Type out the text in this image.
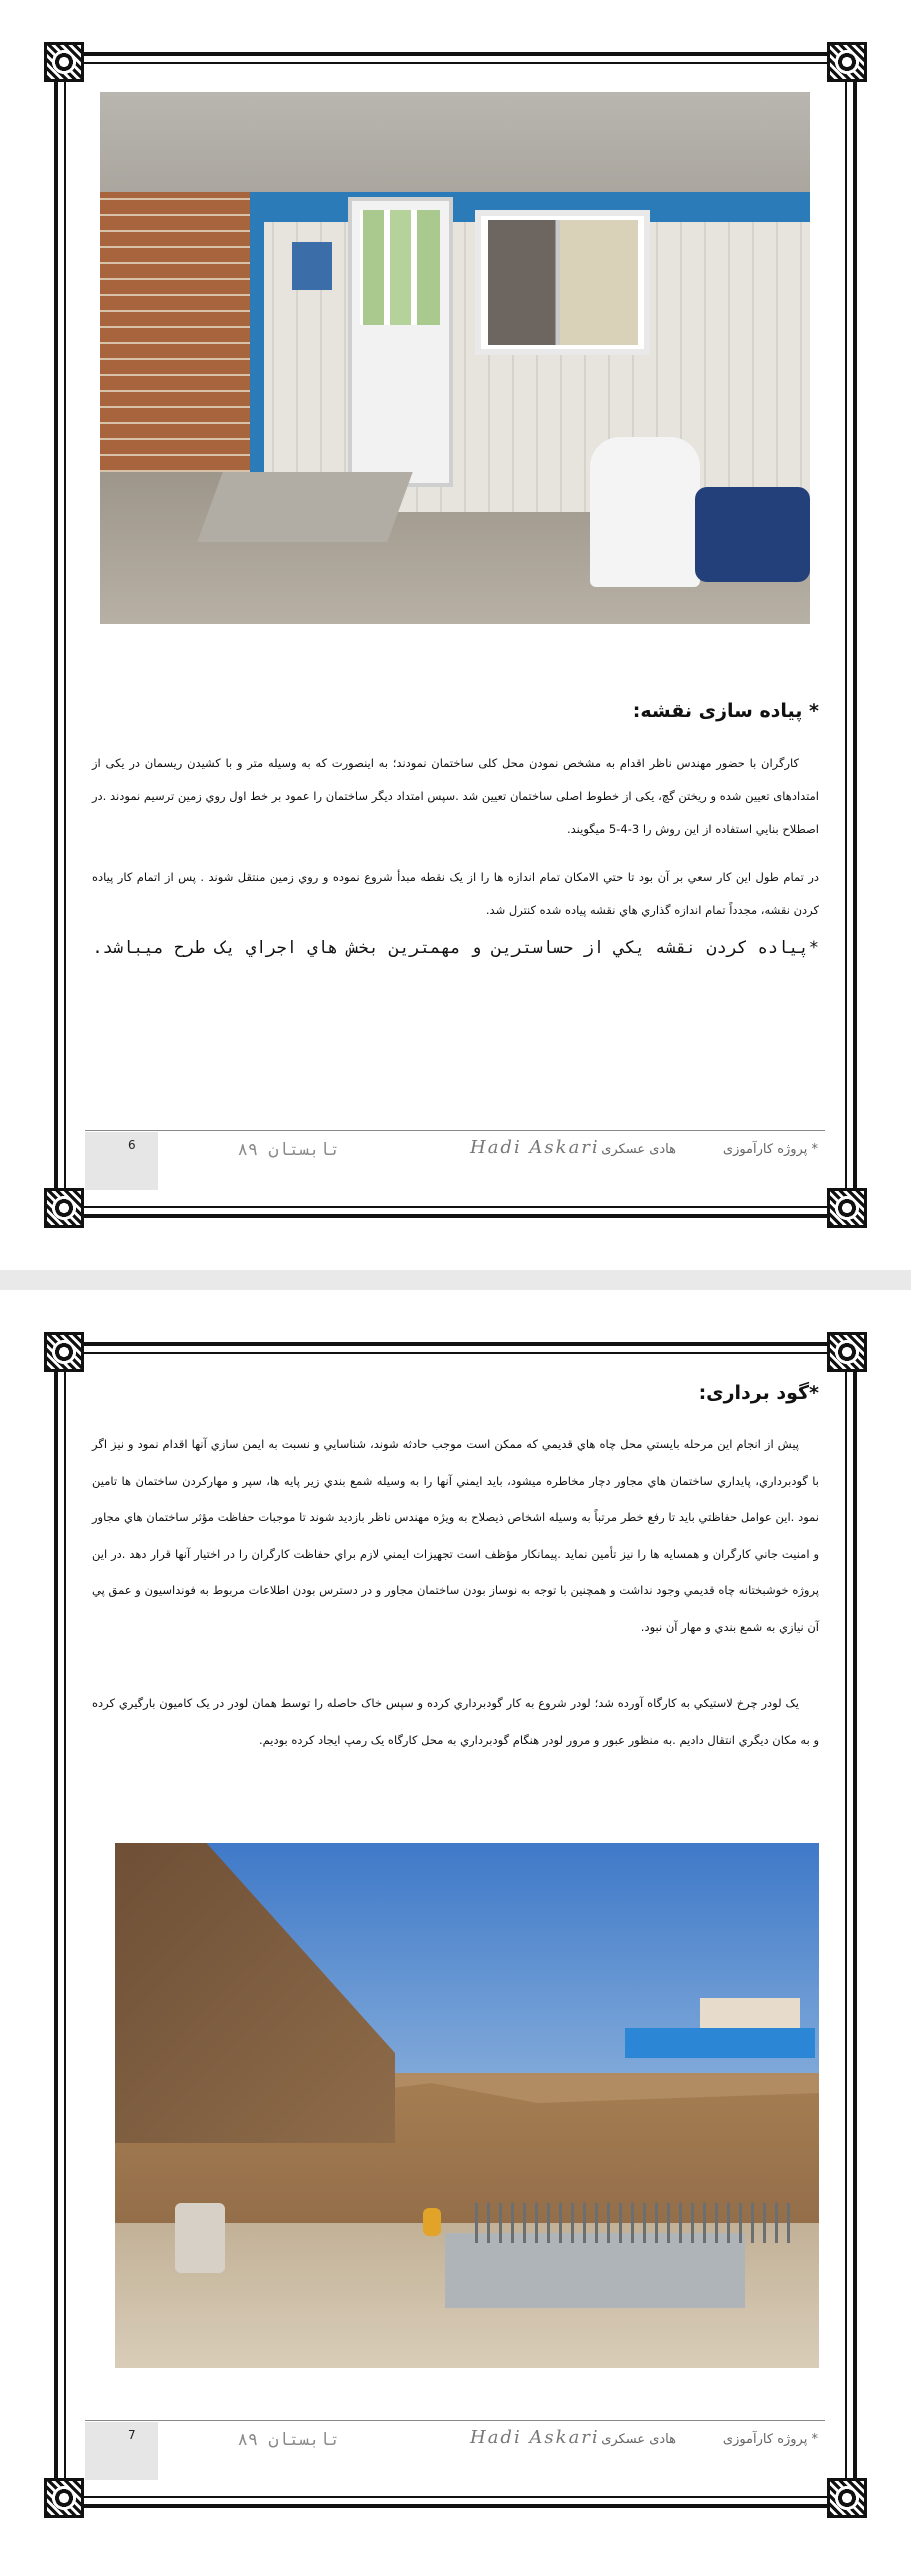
* پیاده سازی نقشه:

کارگران با حضور مهندس ناظر اقدام به مشخص نمودن محل کلی ساختمان نمودند؛ به اینصورت که به وسیله متر و با کشیدن ریسمان در یکی از امتدادهای تعیین شده و ریختن گچ، یکی از خطوط اصلی ساختمان تعیین شد .سپس امتداد دیگر ساختمان را عمود بر خط اول روي زمين ترسيم نمودند .در اصطلاح بنايي استفاده از اين روش را 3-4-5 ميگويند.

در تمام طول این کار سعي بر آن بود تا حتي الامکان تمام اندازه ها را از يک نقطه مبدأ شروع نموده و روي زمين منتقل شوند . پس از اتمام کار پياده کردن نقشه، مجدداً تمام اندازه گذاري هاي نقشه پياده شده کنترل شد.

*پياده کردن نقشه يکي از حساسترين و مهمترين بخش هاي اجراي يک طرح ميباشد.
6	تابستان ۸۹	Hadi Askari هادی عسکری	* پروژه کارآموزی
*گود برداری:

پيش از انجام اين مرحله بايستي محل چاه هاي قديمي که ممکن است موجب حادثه شوند، شناسايي و نسبت به ايمن سازي آنها اقدام نمود و نيز اگر با گودبرداري، پايداري ساختمان هاي مجاور دچار مخاطره ميشود، بايد ايمني آنها را به وسيله شمع بندي زير پايه ها، سپر و مهارکردن ساختمان ها تامين نمود .اين عوامل حفاظتي بايد تا رفع خطر مرتباً به وسيله اشخاص ذيصلاح به ويژه مهندس ناظر بازديد شوند تا موجبات حفاظت مؤثر ساختمان هاي مجاور و امنيت جاني کارگران و همسايه ها را نيز تأمين نمايد .پيمانکار مؤظف است تجهيزات ايمني لازم براي حفاظت کارگران را در اختيار آنها قرار دهد .در اين پروژه خوشبختانه چاه قديمي وجود نداشت و همچنين با توجه به نوساز بودن ساختمان مجاور و در دسترس بودن اطلاعات مربوط به فونداسيون و عمق پي آن نيازي به شمع بندي و مهار آن نبود.

يک لودر چرخ لاستيکي به کارگاه آورده شد؛ لودر شروع به کار گودبرداري کرده و سپس خاک حاصله را توسط همان لودر در يک کاميون بارگيري کرده و به مکان ديگري انتقال داديم .به منظور عبور و مرور لودر هنگام گودبرداري به محل کارگاه يک رمپ ايجاد کرده بوديم.

7	تابستان ۸۹	Hadi Askari هادی عسکری	* پروژه کارآموزی
